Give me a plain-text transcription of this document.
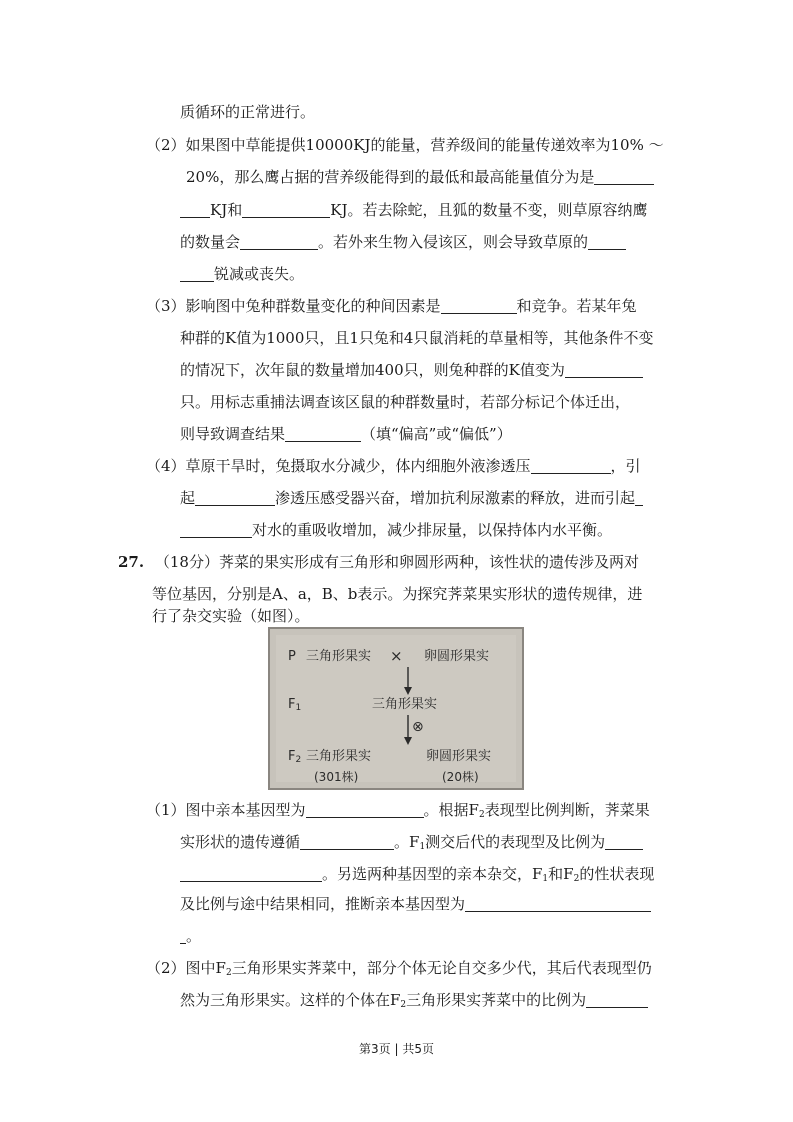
质循环的正常进行。
（2）如果图中草能提供10000KJ的能量，营养级间的能量传递效率为10% ～
20%，那么鹰占据的营养级能得到的最低和最高能量值分为是
KJ和	KJ。若去除蛇，且狐的数量不变，则草原容纳鹰
的数量会	。若外来生物入侵该区，则会导致草原的
锐减或丧失。
（3）影响图中兔种群数量变化的种间因素是	和竞争。若某年兔
种群的K值为1000只，且1只兔和4只鼠消耗的草量相等，其他条件不变
的情况下，次年鼠的数量增加400只，则兔种群的K值变为
只。用标志重捕法调查该区鼠的种群数量时，若部分标记个体迁出，
则导致调查结果	（填“偏高”或“偏低”）
（4）草原干旱时，兔摄取水分减少，体内细胞外液渗透压	，引
起	渗透压感受器兴奋，增加抗利尿激素的释放，进而引起
对水的重吸收增加，减少排尿量，以保持体内水平衡。
27. （18分）荠菜的果实形成有三角形和卵圆形两种，该性状的遗传涉及两对
等位基因，分别是A、a，B、b表示。为探究荠菜果实形状的遗传规律，进
行了杂交实验（如图）。
P 三角形果实 × 卵圆形果实
$F_1$	三角形果实
⊗
$F_2$ 三角形果实	卵圆形果实
(301株)	(20株)
（1）图中亲本基因型为	。根据$F_2$表现型比例判断，荠菜果
实形状的遗传遵循	。$F_1$测交后代的表现型及比例为
。另选两种基因型的亲本杂交，$F_1$和$F_2$的性状表现
及比例与途中结果相同，推断亲本基因型为
。
（2）图中$F_2$三角形果实荠菜中，部分个体无论自交多少代，其后代表现型仍
然为三角形果实。这样的个体在$F_2$三角形果实荠菜中的比例为
第3页 | 共5页
